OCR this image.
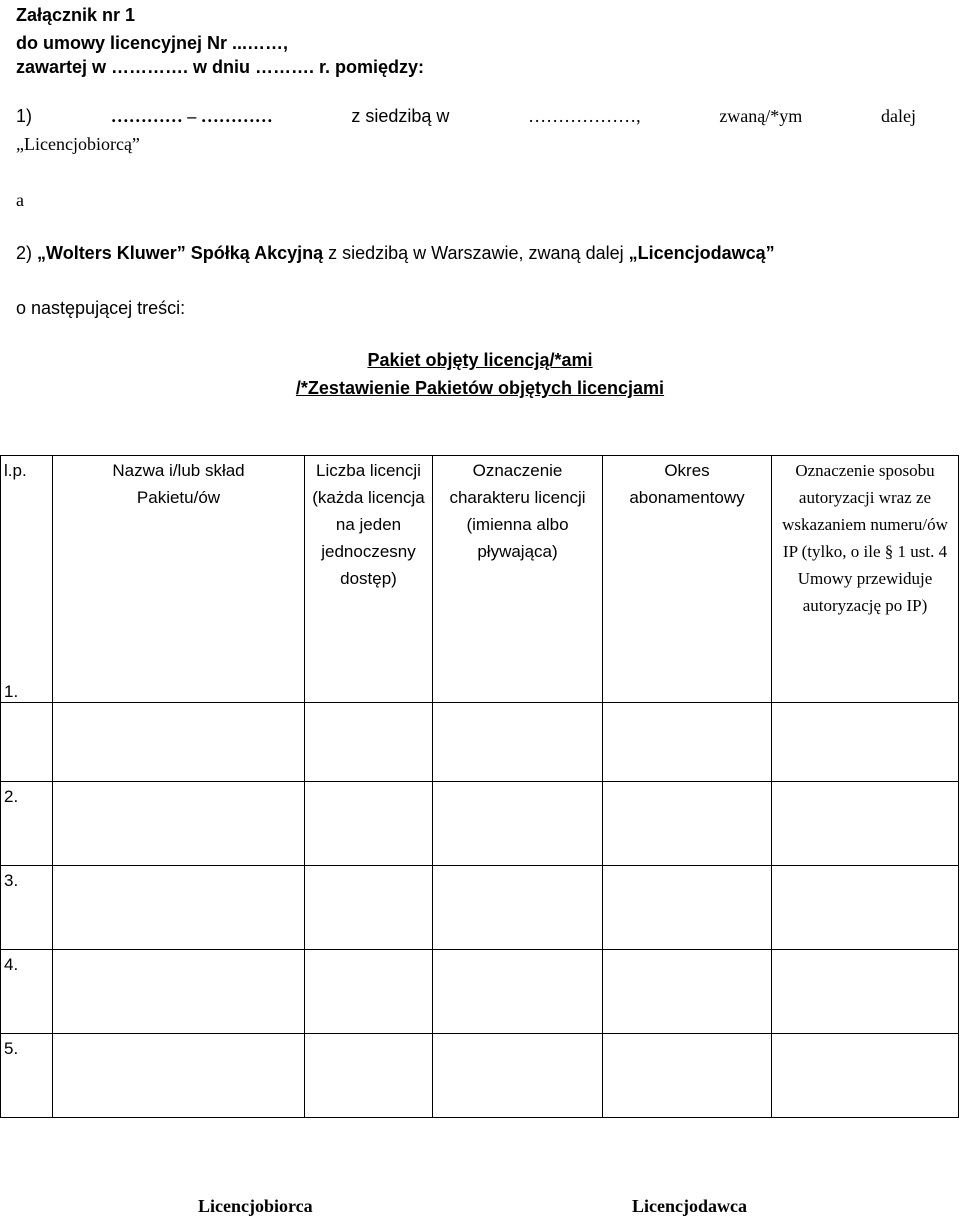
Załącznik nr 1
do umowy licencyjnej Nr ...……,
zawartej w …………. w dniu ………. r. pomiędzy:
1)	………… – …………	z siedzibą w	………………,	zwaną/*ym	dalej
„Licencjobiorcą”
a
2) „Wolters Kluwer” Spółką Akcyjną z siedzibą w Warszawie, zwaną dalej „Licencjodawcą”
o następującej treści:
Pakiet objęty licencją/*ami
/*Zestawienie Pakietów objętych licencjami
l.p.	Nazwa i/lub skład Pakietu/ów	Liczba licencji (każda licencja na jeden jednoczesny dostęp)	Oznaczenie charakteru licencji (imienna albo pływająca)	Okres abonamentowy	Oznaczenie sposobu autoryzacji wraz ze wskazaniem numeru/ów IP (tylko, o ile § 1 ust. 4 Umowy przewiduje autoryzację po IP)
1.					
2.					
3.					
4.					
5.					
Licencjobiorca	Licencjodawca
